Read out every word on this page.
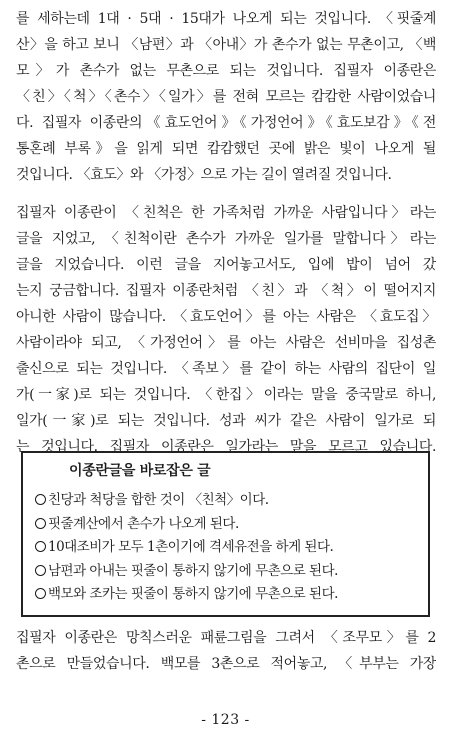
를 세하는데 1대 · 5대 · 15대가 나오게 되는 것입니다. 〈핏줄계
산〉을 하고 보니 〈남편〉과 〈아내〉가 촌수가 없는 무촌이고, 〈백
모〉가 촌수가 없는 무촌으로 되는 것입니다. 집필자 이종란은
〈친〉〈척〉〈촌수〉〈일가〉를 전혀 모르는 캄캄한 사람이었습니
다. 집필자 이종란의《효도언어》《가정언어》《효도보감》《전
통혼례 부록》을 읽게 되면 캄캄했던 곳에 밝은 빛이 나오게 될
것입니다. 〈효도〉와 〈가정〉으로 가는 길이 열려질 것입니다.
집필자 이종란이 〈친척은 한 가족처럼 가까운 사람입니다〉라는
글을 지었고, 〈친척이란 촌수가 가까운 일가를 말합니다〉라는
글을 지었습니다. 이런 글을 지어놓고서도, 입에 밥이 넘어 갔
는지 궁금합니다. 집필자 이종란처럼 〈친〉과 〈척〉이 떨어지지
아니한 사람이 많습니다. 〈효도언어〉를 아는 사람은 〈효도집〉
사람이라야 되고, 〈가정언어〉를 아는 사람은 선비마을 집성촌
출신으로 되는 것입니다. 〈족보〉를 같이 하는 사람의 집단이 일
가(一家)로 되는 것입니다. 〈한집〉이라는 말을 중국말로 하니,
일가(一家)로 되는 것입니다. 성과 씨가 같은 사람이 일가로 되
는 것입니다. 집필자 이종란은 일가라는 말을 모르고 있습니다.
이종란글을 바로잡은 글
친당과 척당을 합한 것이 〈친척〉이다.
핏줄계산에서 촌수가 나오게 된다.
10대조비가 모두 1촌이기에 격세유전을 하게 된다.
남편과 아내는 핏줄이 통하지 않기에 무촌으로 된다.
백모와 조카는 핏줄이 통하지 않기에 무촌으로 된다.
집필자 이종란은 망칙스러운 패륜그림을 그려서 〈조무모〉를 2
촌으로 만들었습니다. 백모를 3촌으로 적어놓고, 〈부부는 가장
- 123 -
